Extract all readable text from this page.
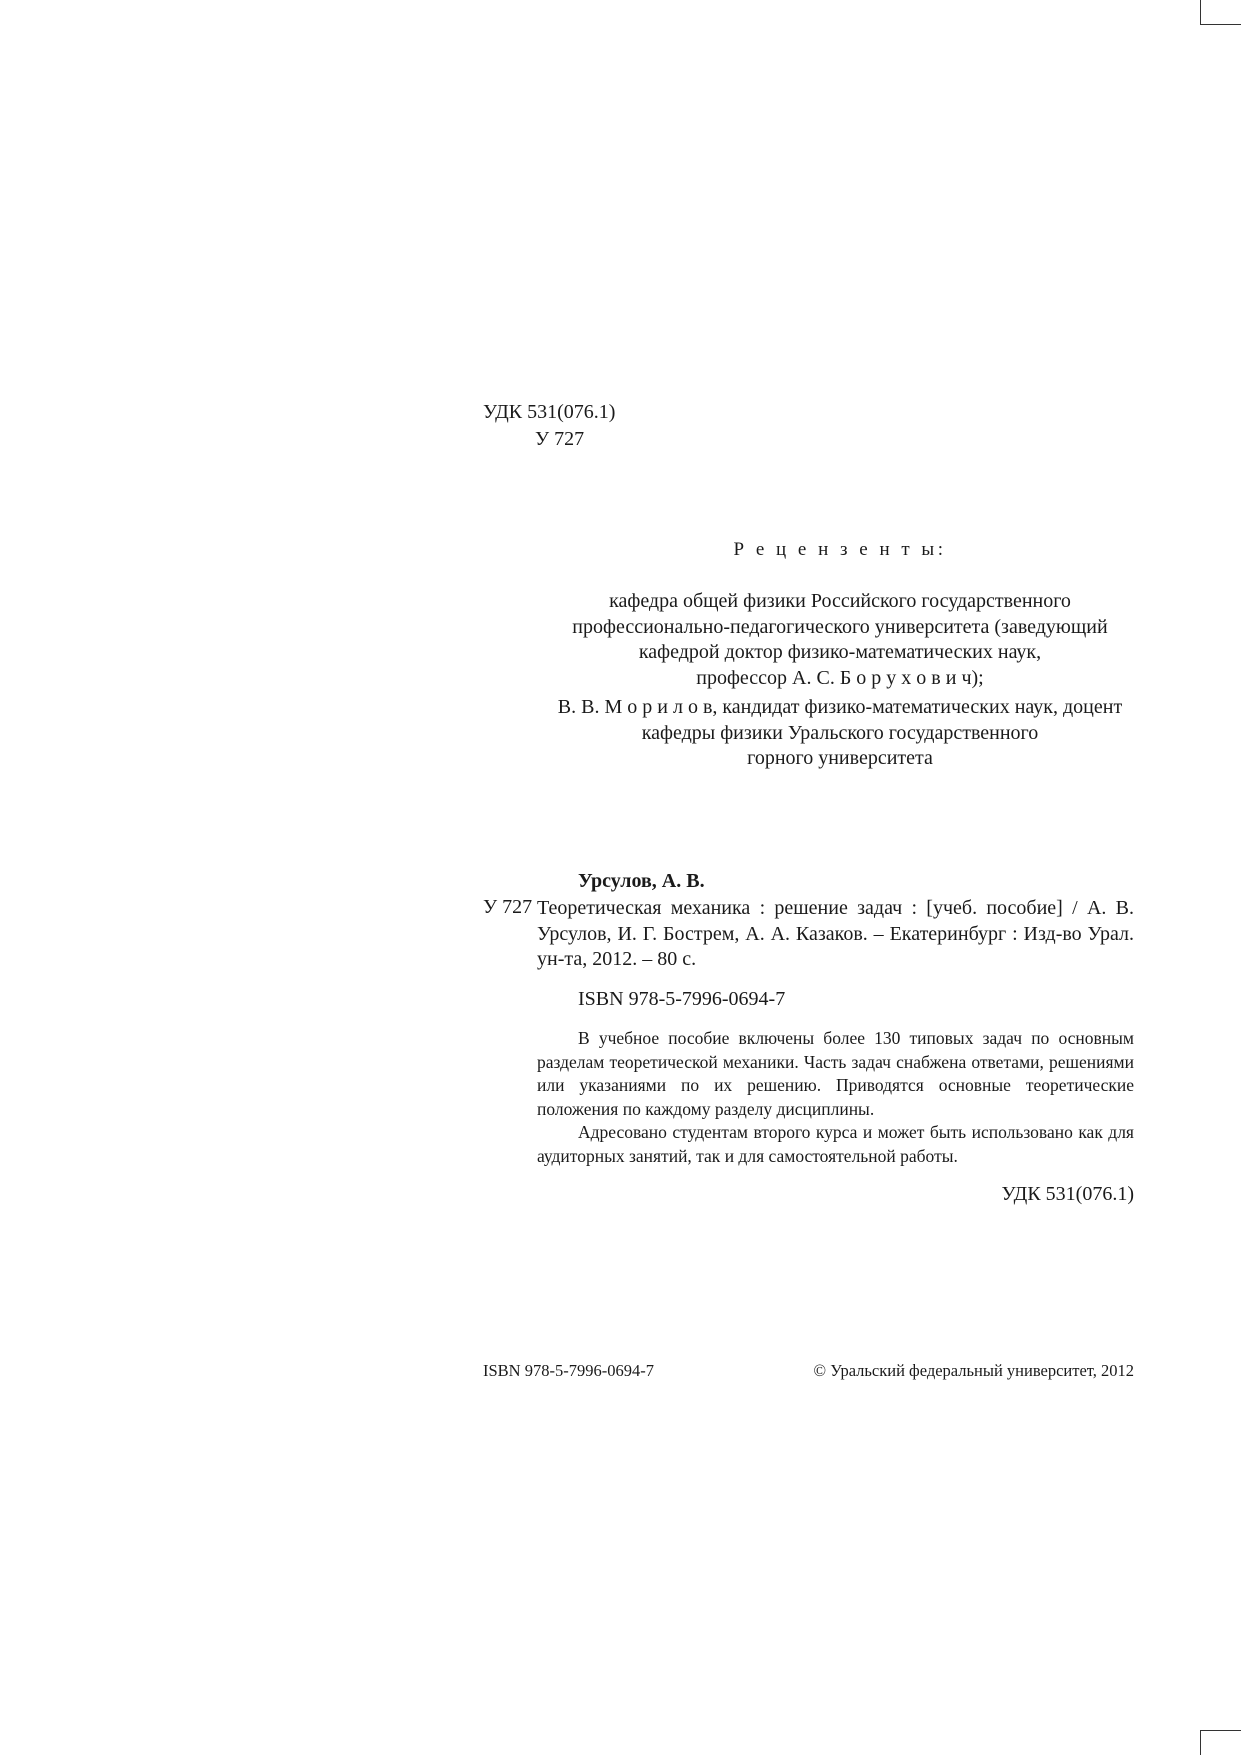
УДК 531(076.1)
У 727
Р е ц е н з е н т ы:

кафедра общей физики Российского государственного
профессионально-педагогического университета (заведующий
кафедрой доктор физико-математических наук,
профессор А. С. Б о р у х о в и ч);

В. В. М о р и л о в, кандидат физико-математических наук, доцент
кафедры физики Уральского государственного
горного университета

Урсулов, А. В.
У 727 Теоретическая механика : решение задач : [учеб. пособие] / А. В. Урсулов, И. Г. Бострем, А. А. Казаков. – Екатеринбург : Изд-во Урал. ун-та, 2012. – 80 с.
ISBN 978-5-7996-0694-7

В учебное пособие включены более 130 типовых задач по основным разделам теоретической механики. Часть задач снабжена ответами, решениями или указаниями по их решению. Приводятся основные теоретические положения по каждому разделу дисциплины.

Адресовано студентам второго курса и может быть использовано как для аудиторных занятий, так и для самостоятельной работы.

УДК 531(076.1)
ISBN 978-5-7996-0694-7	© Уральский федеральный университет, 2012
